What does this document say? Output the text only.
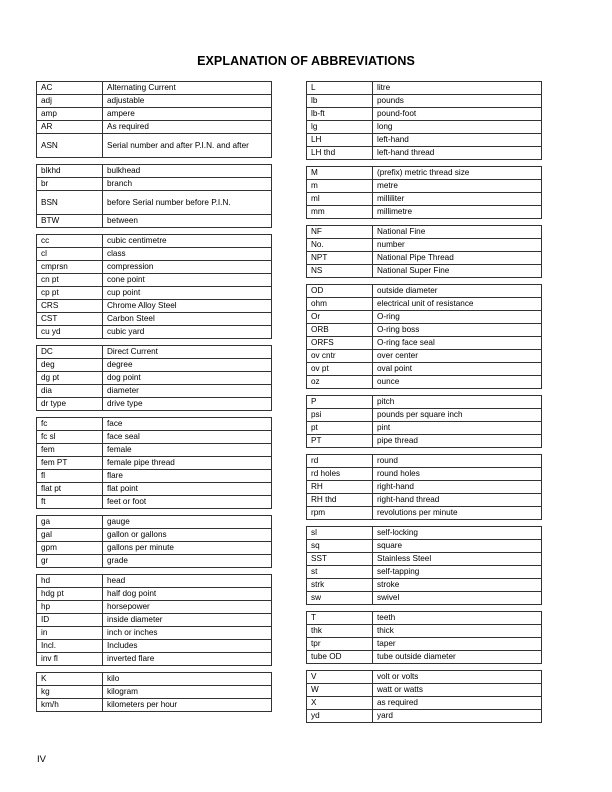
EXPLANATION OF ABBREVIATIONS
AC	Alternating Current
adj	adjustable
amp	ampere
AR	As required
ASN	Serial number and after P.I.N. and after
blkhd	bulkhead
br	branch
BSN	before Serial number before P.I.N.
BTW	between
cc	cubic centimetre
cl	class
cmprsn	compression
cn pt	cone point
cp pt	cup point
CRS	Chrome Alloy Steel
CST	Carbon Steel
cu yd	cubic yard
DC	Direct Current
deg	degree
dg pt	dog point
dia	diameter
dr type	drive type
fc	face
fc sl	face seal
fem	female
fem PT	female pipe thread
fl	flare
flat pt	flat point
ft	feet or foot
ga	gauge
gal	gallon or gallons
gpm	gallons per minute
gr	grade
hd	head
hdg pt	half dog point
hp	horsepower
ID	inside diameter
in	inch or inches
Incl.	Includes
inv fl	inverted flare
K	kilo
kg	kilogram
km/h	kilometers per hour
L	litre
lb	pounds
lb-ft	pound-foot
lg	long
LH	left-hand
LH thd	left-hand thread
M	(prefix) metric thread size
m	metre
ml	milliliter
mm	millimetre
NF	National Fine
No.	number
NPT	National Pipe Thread
NS	National Super Fine
OD	outside diameter
ohm	electrical unit of resistance
Or	O-ring
ORB	O-ring boss
ORFS	O-ring face seal
ov cntr	over center
ov pt	oval point
oz	ounce
P	pitch
psi	pounds per square inch
pt	pint
PT	pipe thread
rd	round
rd holes	round holes
RH	right-hand
RH thd	right-hand thread
rpm	revolutions per minute
sl	self-locking
sq	square
SST	Stainless Steel
st	self-tapping
strk	stroke
sw	swivel
T	teeth
thk	thick
tpr	taper
tube OD	tube outside diameter
V	volt or volts
W	watt or watts
X	as required
yd	yard
IV
